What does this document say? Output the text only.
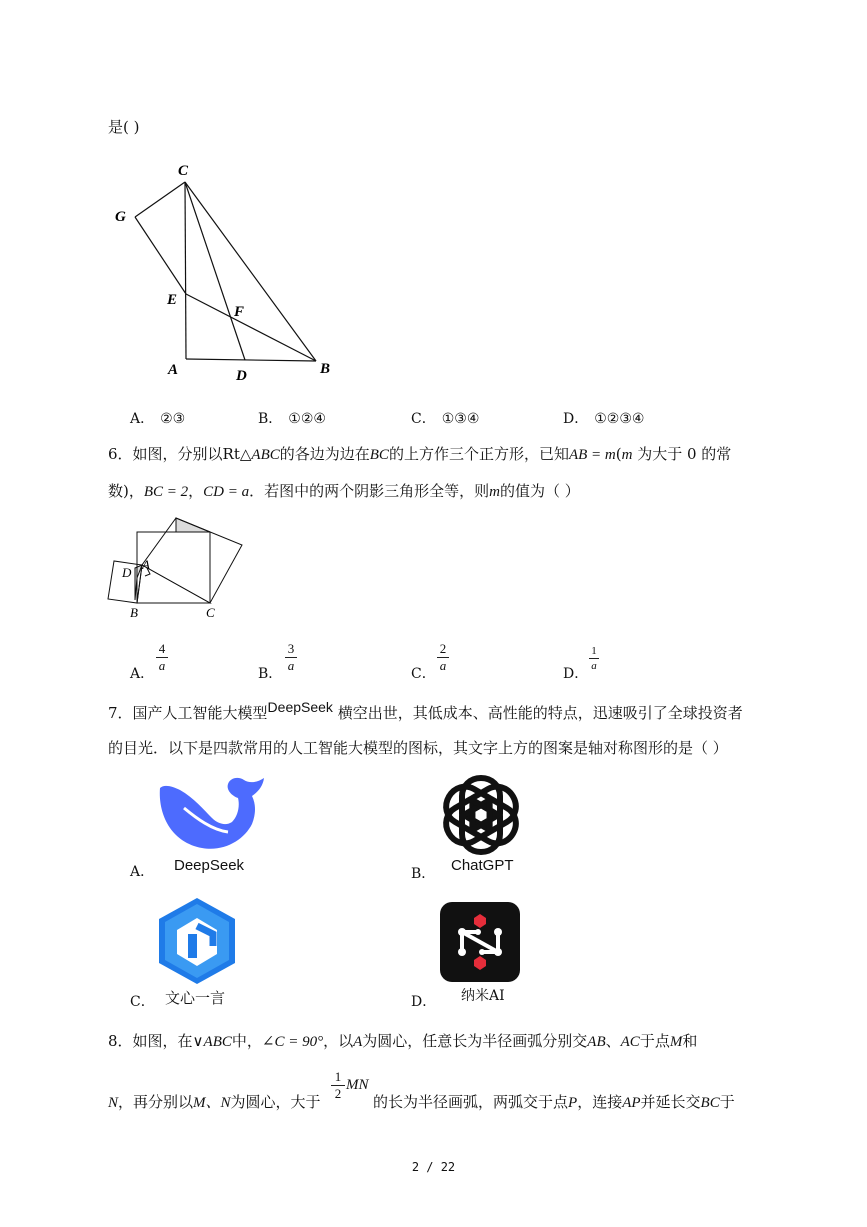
是( )
C
G
E
F
A	D	B
A． ②③	B． ①②④	C． ①③④	D． ①②③④
6．如图，分别以Rt△ABC的各边为边在BC的上方作三个正方形，已知AB = m(m 为大于 0 的常
数)，BC = 2，CD = a．若图中的两个阴影三角形全等，则m的值为（ ）
A
D
B	C
A．
4
a
B．
3
a
C．
2
a
D．
1
a
7．国产人工智能大模型DeepSeek 横空出世，其低成本、高性能的特点，迅速吸引了全球投资者
的目光．以下是四款常用的人工智能大模型的图标，其文字上方的图案是轴对称图形的是（ ）
A． DeepSeek	B． ChatGPT
C． 文心一言	D． 纳米AI
8．如图，在∨ABC中，∠C = 90°，以A为圆心，任意长为半径画弧分别交AB、AC于点M和
N，再分别以M、N为圆心，大于
1
2
MN
的长为半径画弧，两弧交于点P，连接AP并延长交BC于
2 / 22
